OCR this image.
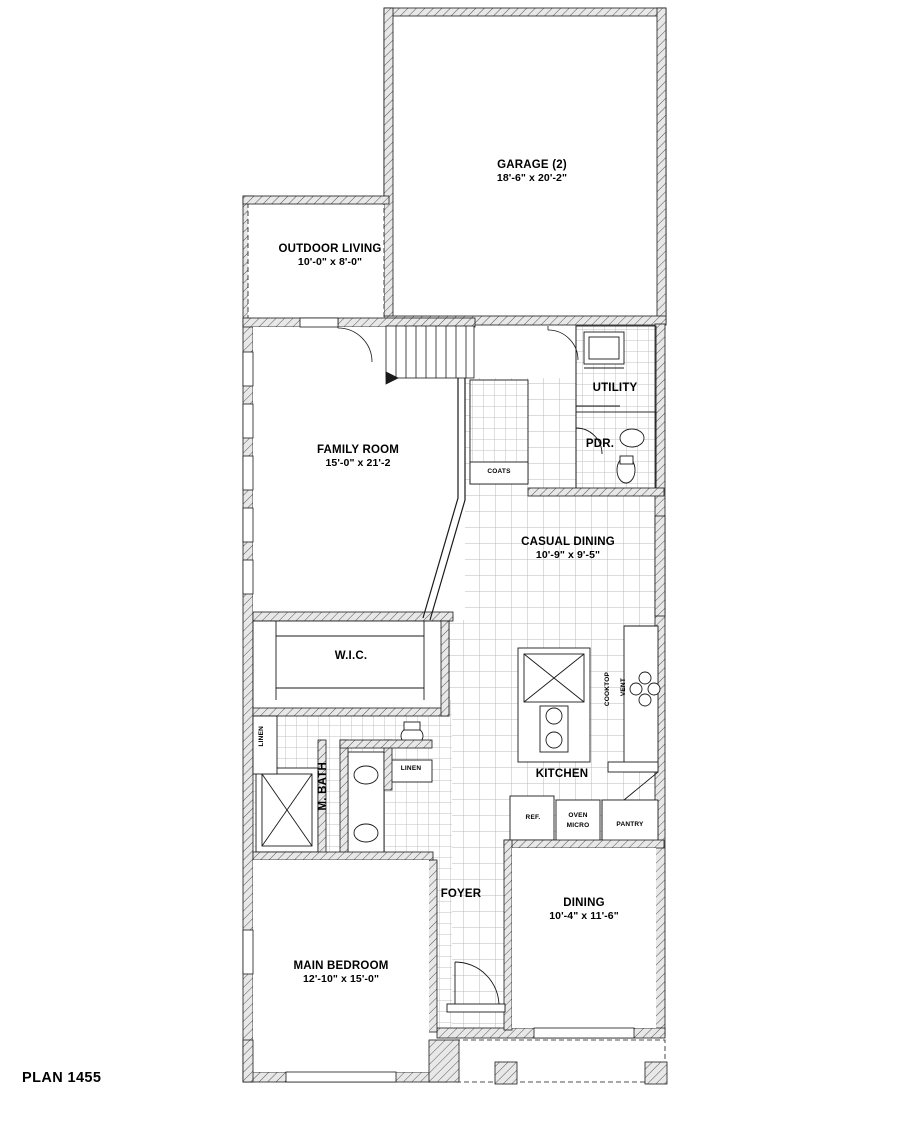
GARAGE (2)
18'-6" x 20'-2"
OUTDOOR LIVING
10'-0" x 8'-0"
FAMILY ROOM
15'-0" x 21'-2
UTILITY
PDR.
CASUAL DINING
10'-9" x 9'-5"
W.I.C.
M. BATH	KITCHEN
FOYER
DINING
10'-4" x 11'-6"
MAIN BEDROOM
12'-10" x 15'-0"
COATS
LINEN
LINEN
COOKTOP	VENT
REF.	OVEN
MICRO	PANTRY
PLAN 1455
